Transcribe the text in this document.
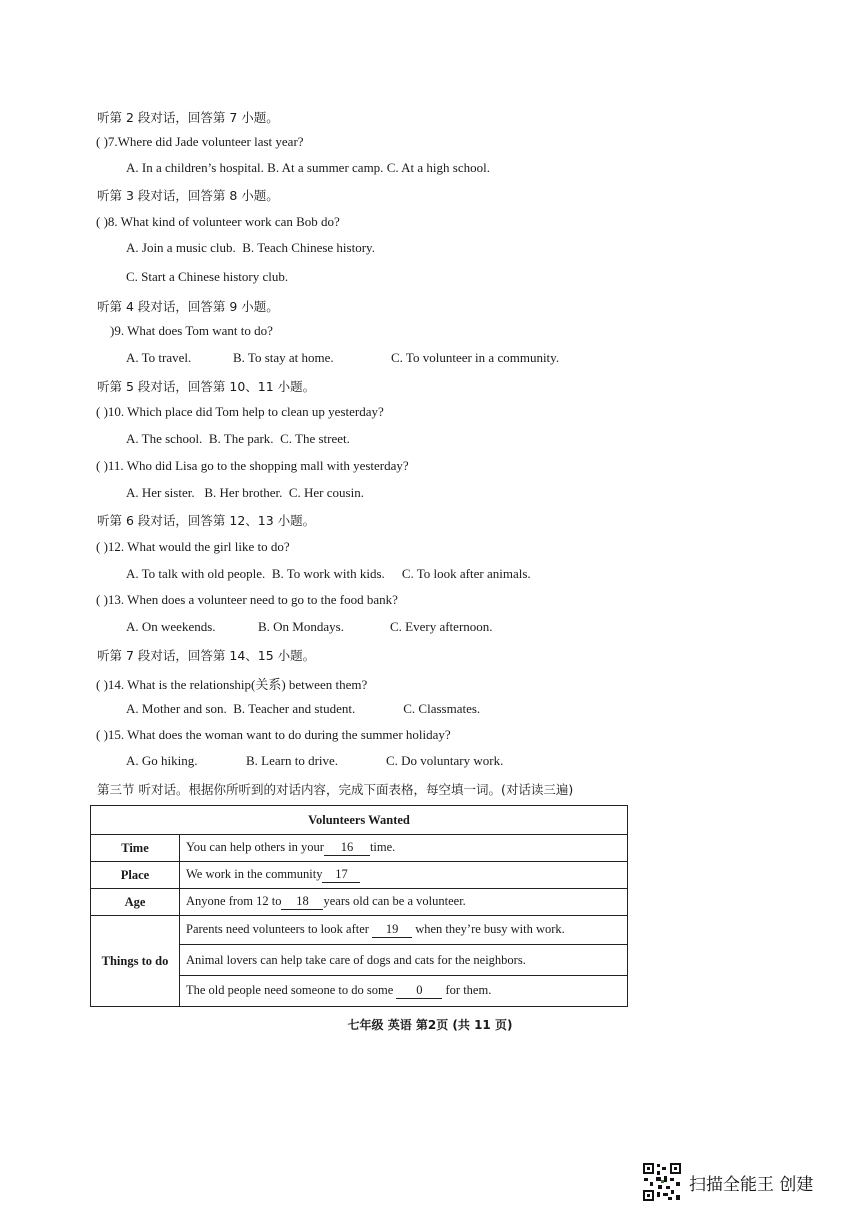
听第 2 段对话，回答第 7 小题。
( )7.Where did Jade volunteer last year?
A. In a children’s hospital. B. At a summer camp. C. At a high school.
听第 3 段对话，回答第 8 小题。
( )8. What kind of volunteer work can Bob do?
A. Join a music club. B. Teach Chinese history.
C. Start a Chinese history club.
听第 4 段对话，回答第 9 小题。
)9. What does Tom want to do?
A. To travel.	B. To stay at home.	C. To volunteer in a community.
听第 5 段对话，回答第 10、11 小题。
( )10. Which place did Tom help to clean up yesterday?
A. The school. B. The park. C. The street.
( )11. Who did Lisa go to the shopping mall with yesterday?
A. Her sister. B. Her brother. C. Her cousin.
听第 6 段对话，回答第 12、13 小题。
( )12. What would the girl like to do?
A. To talk with old people. B. To work with kids. C. To look after animals.
( )13. When does a volunteer need to go to the food bank?
A. On weekends.	B. On Mondays.	C. Every afternoon.
听第 7 段对话，回答第 14、15 小题。
( )14. What is the relationship(关系) between them?
A. Mother and son. B. Teacher and student.	C. Classmates.
( )15. What does the woman want to do during the summer holiday?
A. Go hiking.	B. Learn to drive.	C. Do voluntary work.
第三节 听对话。根据你所听到的对话内容，完成下面表格，每空填一词。(对话读三遍)
Volunteers Wanted	
Time	You can help others in your 16 time.
Place	We work in the community 17
Age	Anyone from 12 to 18 years old can be a volunteer.
Things to do	Parents need volunteers to look after 19 when they’re busy with work.
	Animal lovers can help take care of dogs and cats for the neighbors.
	The old people need someone to do some 0 for them.
七年级 英语 第2页 (共 11 页)
扫描全能王 创建
